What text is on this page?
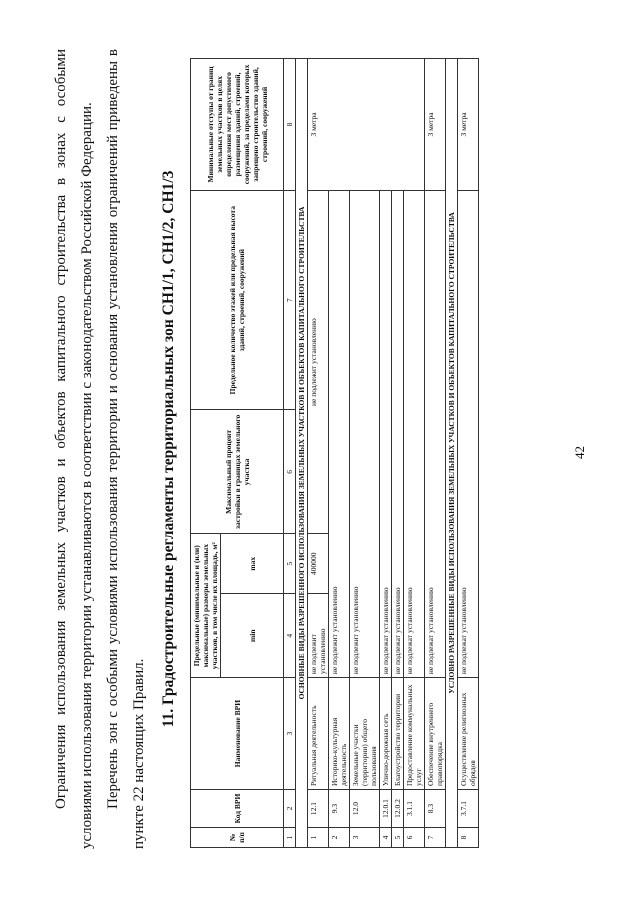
42
11. Градостроительные регламенты территориальных зон СН1/1, СН1/2, СН1/3

Ограничения использования земельных участков и объектов капитального строительства в зонах с особыми условиями использования территории устанавливаются в соответствии с законодательством Российской Федерации. Перечень зон с особыми условиями использования территории и основания установления ограничений приведены в пункте 22 настоящих Правил.	№ п/п	Код ВРИ	Наименование ВРИ	Предельные (минимальные и (или) максимальные) размеры земельных участков, в том числе их площадь, м²		Максимальный процент застройки в границах земельного участка	Предельное количество этажей или предельная высота зданий, строений, сооружений	Минимальные отступы от границ земельных участков в целях определения мест допустимого размещения зданий, строений, сооружений, за пределами которых запрещено строительство зданий, строений, сооружений
			min	max			
1	2	3	4	5	6	7	8
ОСНОВНЫЕ ВИДЫ РАЗРЕШЕННОГО ИСПОЛЬЗОВАНИЯ ЗЕМЕЛЬНЫХ УЧАСТКОВ И ОБЪЕКТОВ КАПИТАЛЬНОГО СТРОИТЕЛЬСТВА							
1	12.1	Ритуальная деятельность	не подлежит установлению	400000	не подлежит установлению		3 метра
2	9.3	Историко-культурная деятельность	не подлежит установлению				
3	12.0	Земельные участки (территории) общего пользования	не подлежит установлению				
4	12.0.1	Улично-дорожная сеть	не подлежат установлению				
5	12.0.2	Благоустройство территории	не подлежат установлению				
6	3.1.1	Предоставление коммунальных услуг	не подлежат установлению				
7	8.3	Обеспечение внутреннего правопорядка	не подлежат установлению				3 метра
УСЛОВНО РАЗРЕШЕННЫЕ ВИДЫ ИСПОЛЬЗОВАНИЯ ЗЕМЕЛЬНЫХ УЧАСТКОВ И ОБЪЕКТОВ КАПИТАЛЬНОГО СТРОИТЕЛЬСТВА							
8	3.7.1	Осуществление религиозных обрядов	не подлежат установлению				3 метра
